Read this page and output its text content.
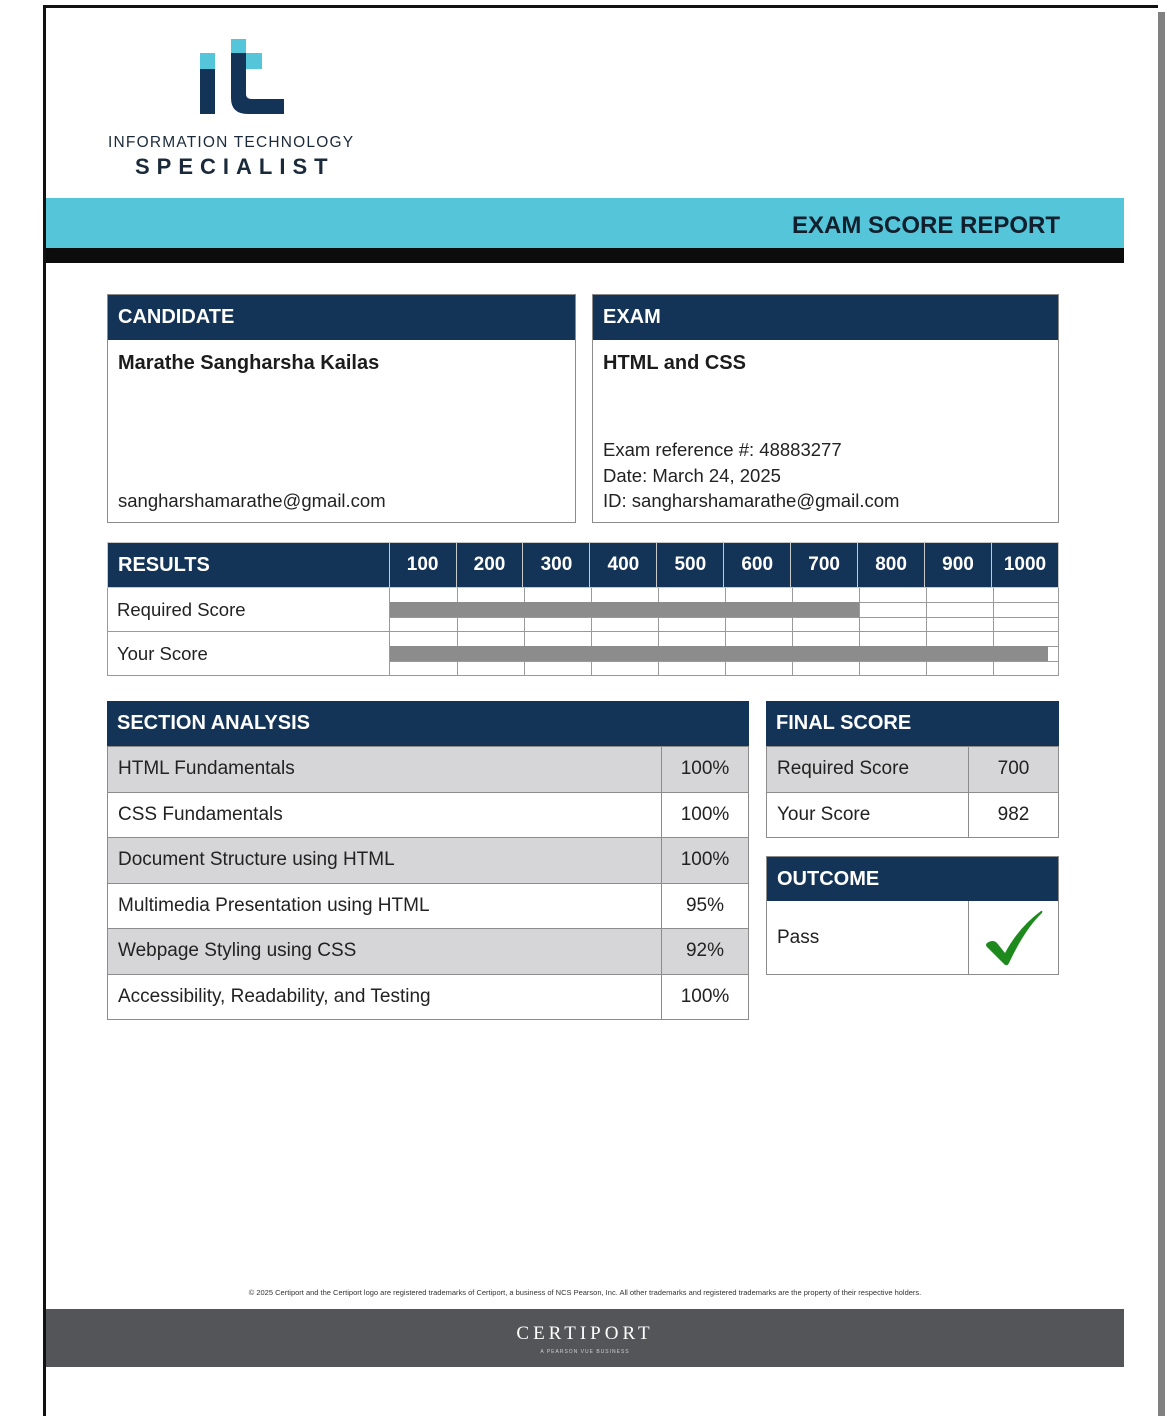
INFORMATION TECHNOLOGY
SPECIALIST
EXAM SCORE REPORT
CANDIDATE
Marathe Sangharsha Kailas
sangharshamarathe@gmail.com
EXAM
HTML and CSS
Exam reference #: 48883277
Date: March 24, 2025
ID: sangharshamarathe@gmail.com
RESULTS	100	200	300	400	500	600	700	800	900	1000
Required Score										

Your Score										
SECTION ANALYSIS
HTML Fundamentals	100%
CSS Fundamentals	100%
Document Structure using HTML	100%
Multimedia Presentation using HTML	95%
Webpage Styling using CSS	92%
Accessibility, Readability, and Testing	100%
FINAL SCORE
Required Score	700
Your Score	982
OUTCOME
Pass
© 2025 Certiport and the Certiport logo are registered trademarks of Certiport, a business of NCS Pearson, Inc. All other trademarks and registered trademarks are the property of their respective holders.
CERTIPORT
A PEARSON VUE BUSINESS
